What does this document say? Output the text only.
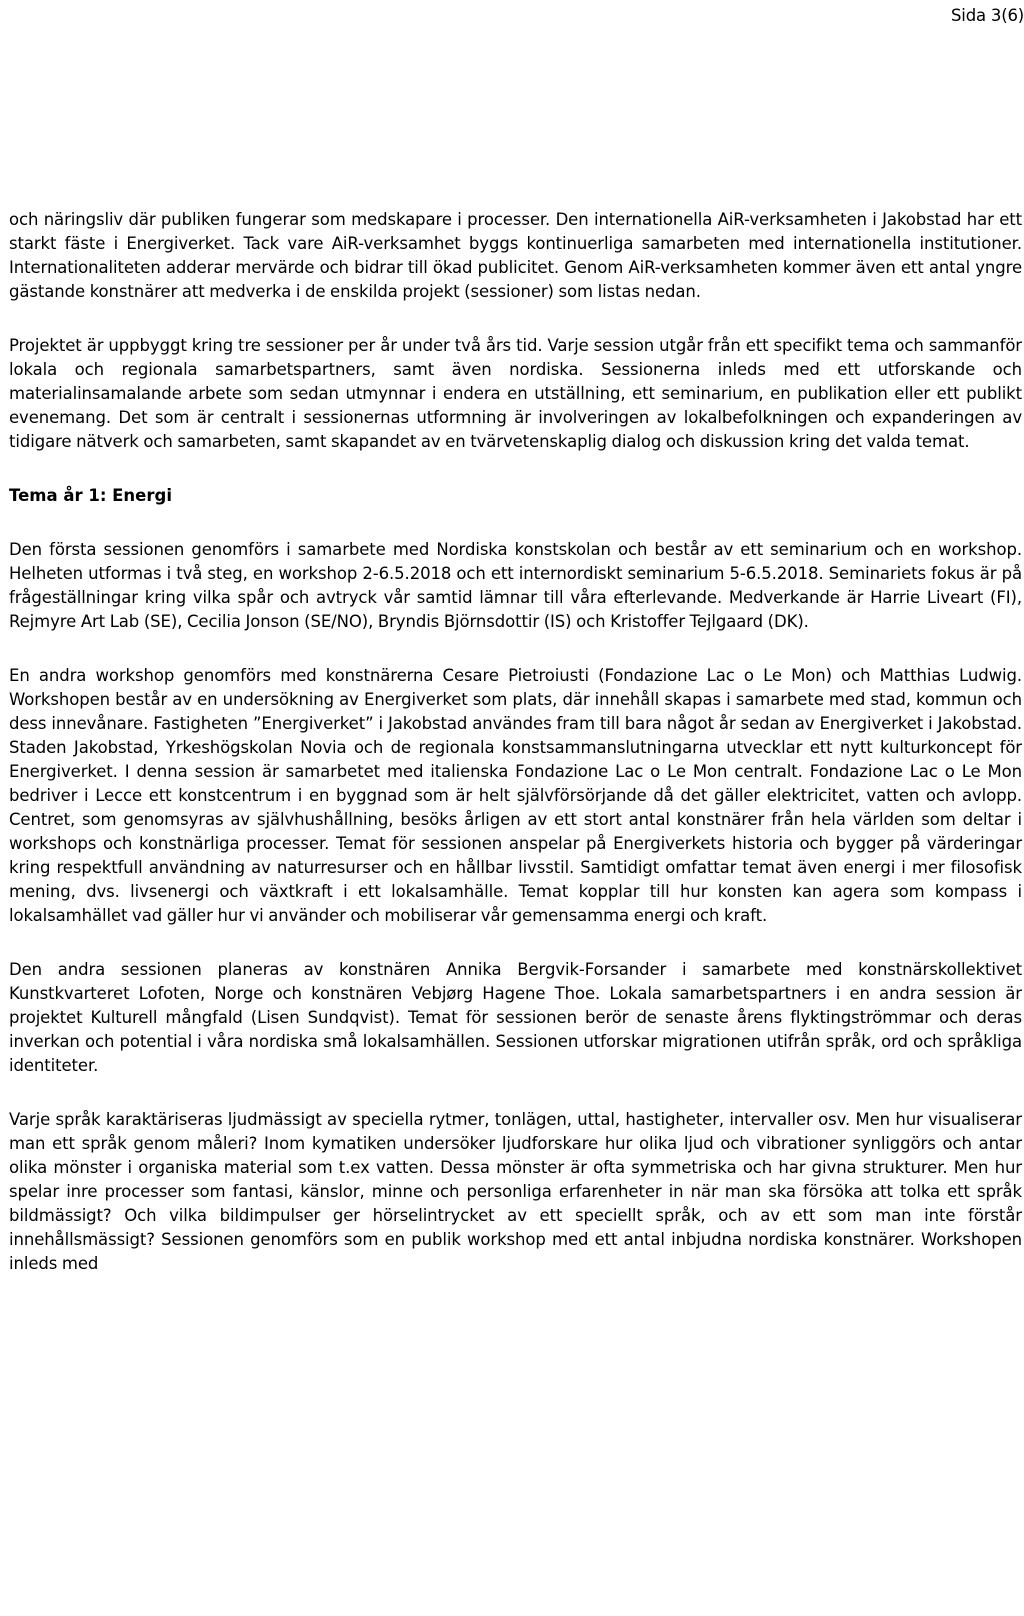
Sida 3(6)

och näringsliv där publiken fungerar som medskapare i processer. Den internationella AiR-verksamheten i Jakobstad har ett starkt fäste i Energiverket. Tack vare AiR-verksamhet byggs kontinuerliga samarbeten med internationella institutioner. Internationaliteten adderar mervärde och bidrar till ökad publicitet. Genom AiR-verksamheten kommer även ett antal yngre gästande konstnärer att medverka i de enskilda projekt (sessioner) som listas nedan.

Projektet är uppbyggt kring tre sessioner per år under två års tid. Varje session utgår från ett specifikt tema och sammanför lokala och regionala samarbetspartners, samt även nordiska. Sessionerna inleds med ett utforskande och materialinsamalande arbete som sedan utmynnar i endera en utställning, ett seminarium, en publikation eller ett publikt evenemang. Det som är centralt i sessionernas utformning är involveringen av lokalbefolkningen och expanderingen av tidigare nätverk och samarbeten, samt skapandet av en tvärvetenskaplig dialog och diskussion kring det valda temat.

Tema år 1: Energi

Den första sessionen genomförs i samarbete med Nordiska konstskolan och består av ett seminarium och en workshop. Helheten utformas i två steg, en workshop 2-6.5.2018 och ett internordiskt seminarium 5-6.5.2018. Seminariets fokus är på frågeställningar kring vilka spår och avtryck vår samtid lämnar till våra efterlevande. Medverkande är Harrie Liveart (FI), Rejmyre Art Lab (SE), Cecilia Jonson (SE/NO), Bryndis Björnsdottir (IS) och Kristoffer Tejlgaard (DK).

En andra workshop genomförs med konstnärerna Cesare Pietroiusti (Fondazione Lac o Le Mon) och Matthias Ludwig. Workshopen består av en undersökning av Energiverket som plats, där innehåll skapas i samarbete med stad, kommun och dess innevånare. Fastigheten ”Energiverket” i Jakobstad användes fram till bara något år sedan av Energiverket i Jakobstad. Staden Jakobstad, Yrkeshögskolan Novia och de regionala konstsammanslutningarna utvecklar ett nytt kulturkoncept för Energiverket. I denna session är samarbetet med italienska Fondazione Lac o Le Mon centralt. Fondazione Lac o Le Mon bedriver i Lecce ett konstcentrum i en byggnad som är helt självförsörjande då det gäller elektricitet, vatten och avlopp. Centret, som genomsyras av självhushållning, besöks årligen av ett stort antal konstnärer från hela världen som deltar i workshops och konstnärliga processer. Temat för sessionen anspelar på Energiverkets historia och bygger på värderingar kring respektfull användning av naturresurser och en hållbar livsstil. Samtidigt omfattar temat även energi i mer filosofisk mening, dvs. livsenergi och växtkraft i ett lokalsamhälle. Temat kopplar till hur konsten kan agera som kompass i lokalsamhället vad gäller hur vi använder och mobiliserar vår gemensamma energi och kraft.

Den andra sessionen planeras av konstnären Annika Bergvik-Forsander i samarbete med konstnärskollektivet Kunstkvarteret Lofoten, Norge och konstnären Vebjørg Hagene Thoe. Lokala samarbetspartners i en andra session är projektet Kulturell mångfald (Lisen Sundqvist). Temat för sessionen berör de senaste årens flyktingströmmar och deras inverkan och potential i våra nordiska små lokalsamhällen. Sessionen utforskar migrationen utifrån språk, ord och språkliga identiteter.

Varje språk karaktäriseras ljudmässigt av speciella rytmer, tonlägen, uttal, hastigheter, intervaller osv. Men hur visualiserar man ett språk genom måleri? Inom kymatiken undersöker ljudforskare hur olika ljud och vibrationer synliggörs och antar olika mönster i organiska material som t.ex vatten. Dessa mönster är ofta symmetriska och har givna strukturer. Men hur spelar inre processer som fantasi, känslor, minne och personliga erfarenheter in när man ska försöka att tolka ett språk bildmässigt? Och vilka bildimpulser ger hörselintrycket av ett speciellt språk, och av ett som man inte förstår innehållsmässigt? Sessionen genomförs som en publik workshop med ett antal inbjudna nordiska konstnärer. Workshopen inleds med
